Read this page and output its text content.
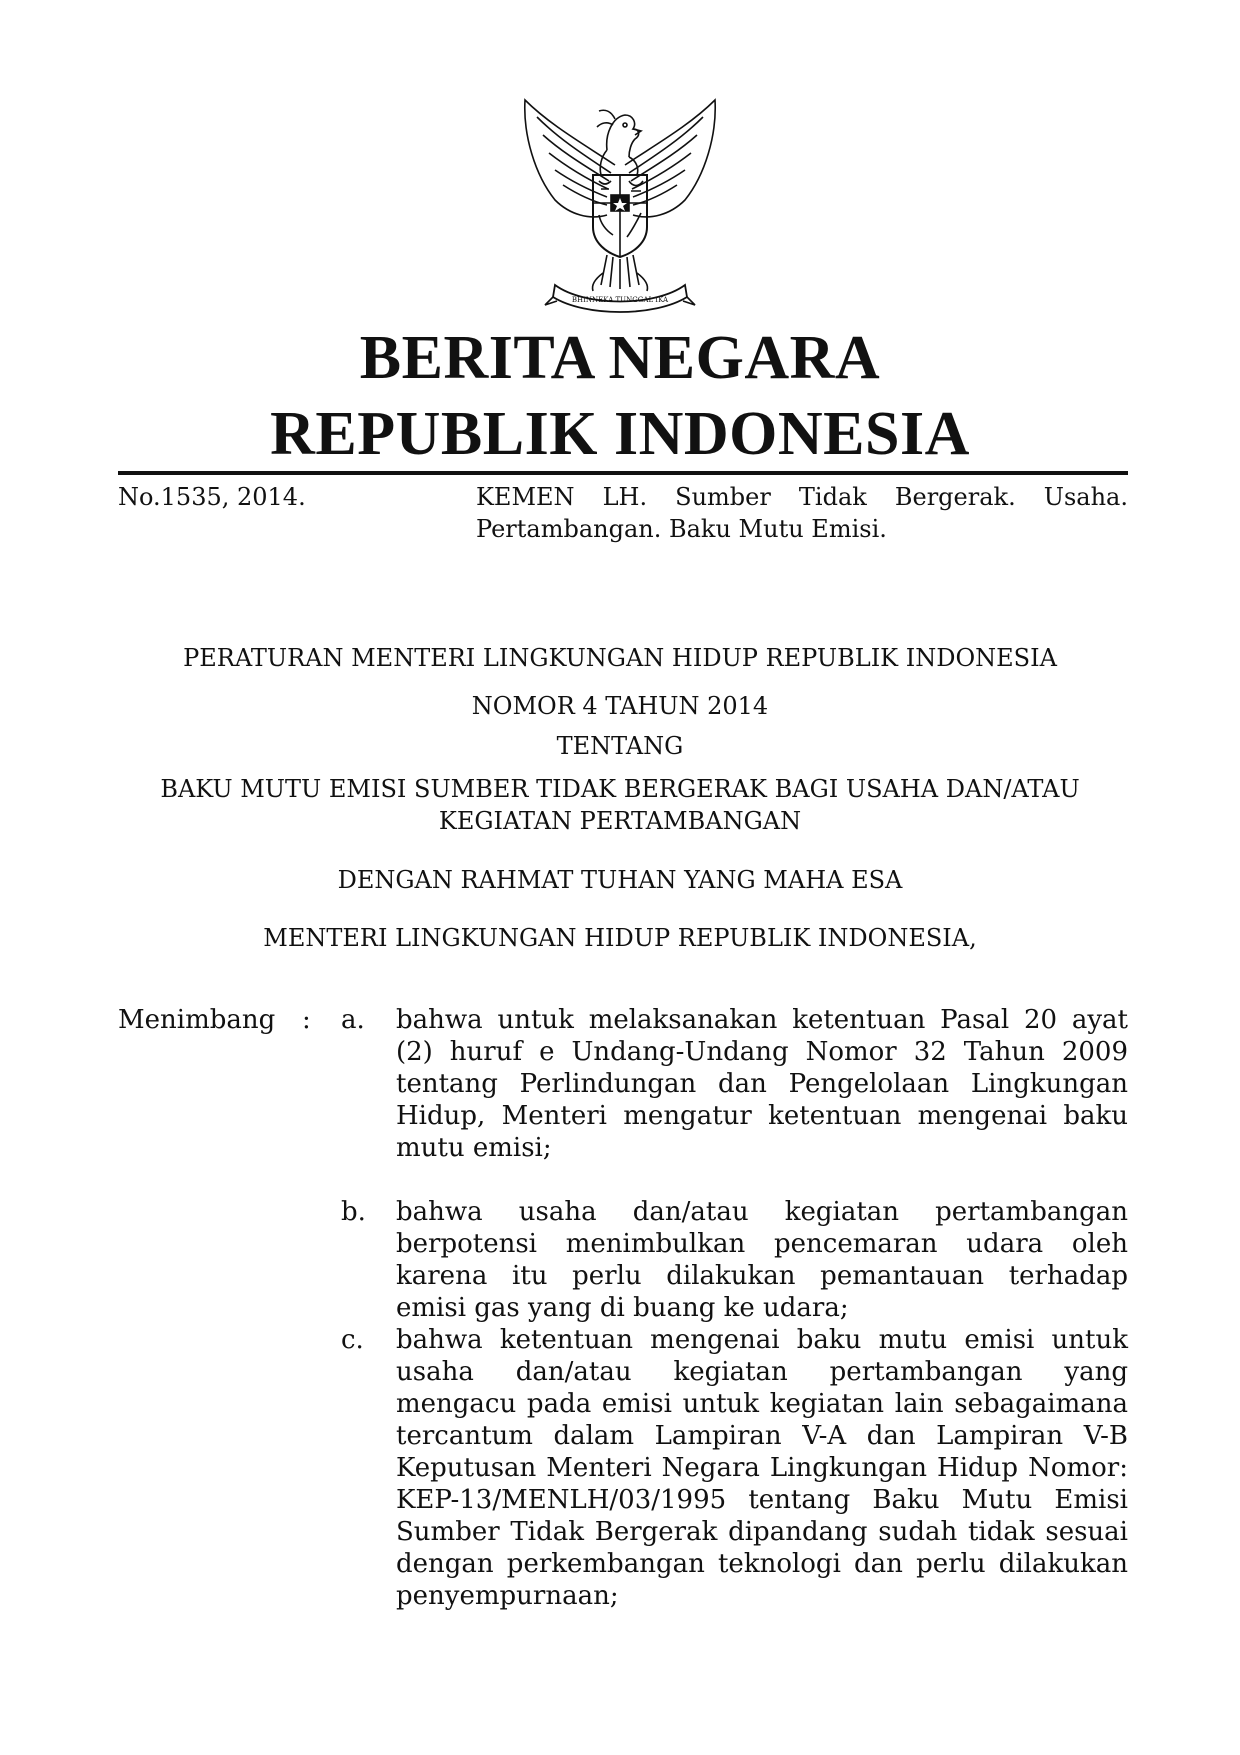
BHINNEKA TUNGGAL IKA
BERITA NEGARA
REPUBLIK INDONESIA
No.1535, 2014.	KEMEN LH. Sumber Tidak Bergerak. Usaha.
Pertambangan. Baku Mutu Emisi.
PERATURAN MENTERI LINGKUNGAN HIDUP REPUBLIK INDONESIA
NOMOR 4 TAHUN 2014
TENTANG
BAKU MUTU EMISI SUMBER TIDAK BERGERAK BAGI USAHA DAN/ATAU
KEGIATAN PERTAMBANGAN
DENGAN RAHMAT TUHAN YANG MAHA ESA
MENTERI LINGKUNGAN HIDUP REPUBLIK INDONESIA,
Menimbang : a. bahwa untuk melaksanakan ketentuan Pasal 20 ayat
(2) huruf e Undang-Undang Nomor 32 Tahun 2009
tentang Perlindungan dan Pengelolaan Lingkungan
Hidup, Menteri mengatur ketentuan mengenai baku
mutu emisi;
b. bahwa usaha dan/atau kegiatan pertambangan
berpotensi menimbulkan pencemaran udara oleh
karena itu perlu dilakukan pemantauan terhadap
emisi gas yang di buang ke udara;
c. bahwa ketentuan mengenai baku mutu emisi untuk
usaha dan/atau kegiatan pertambangan yang
mengacu pada emisi untuk kegiatan lain sebagaimana
tercantum dalam Lampiran V-A dan Lampiran V-B
Keputusan Menteri Negara Lingkungan Hidup Nomor:
KEP-13/MENLH/03/1995 tentang Baku Mutu Emisi
Sumber Tidak Bergerak dipandang sudah tidak sesuai
dengan perkembangan teknologi dan perlu dilakukan
penyempurnaan;
